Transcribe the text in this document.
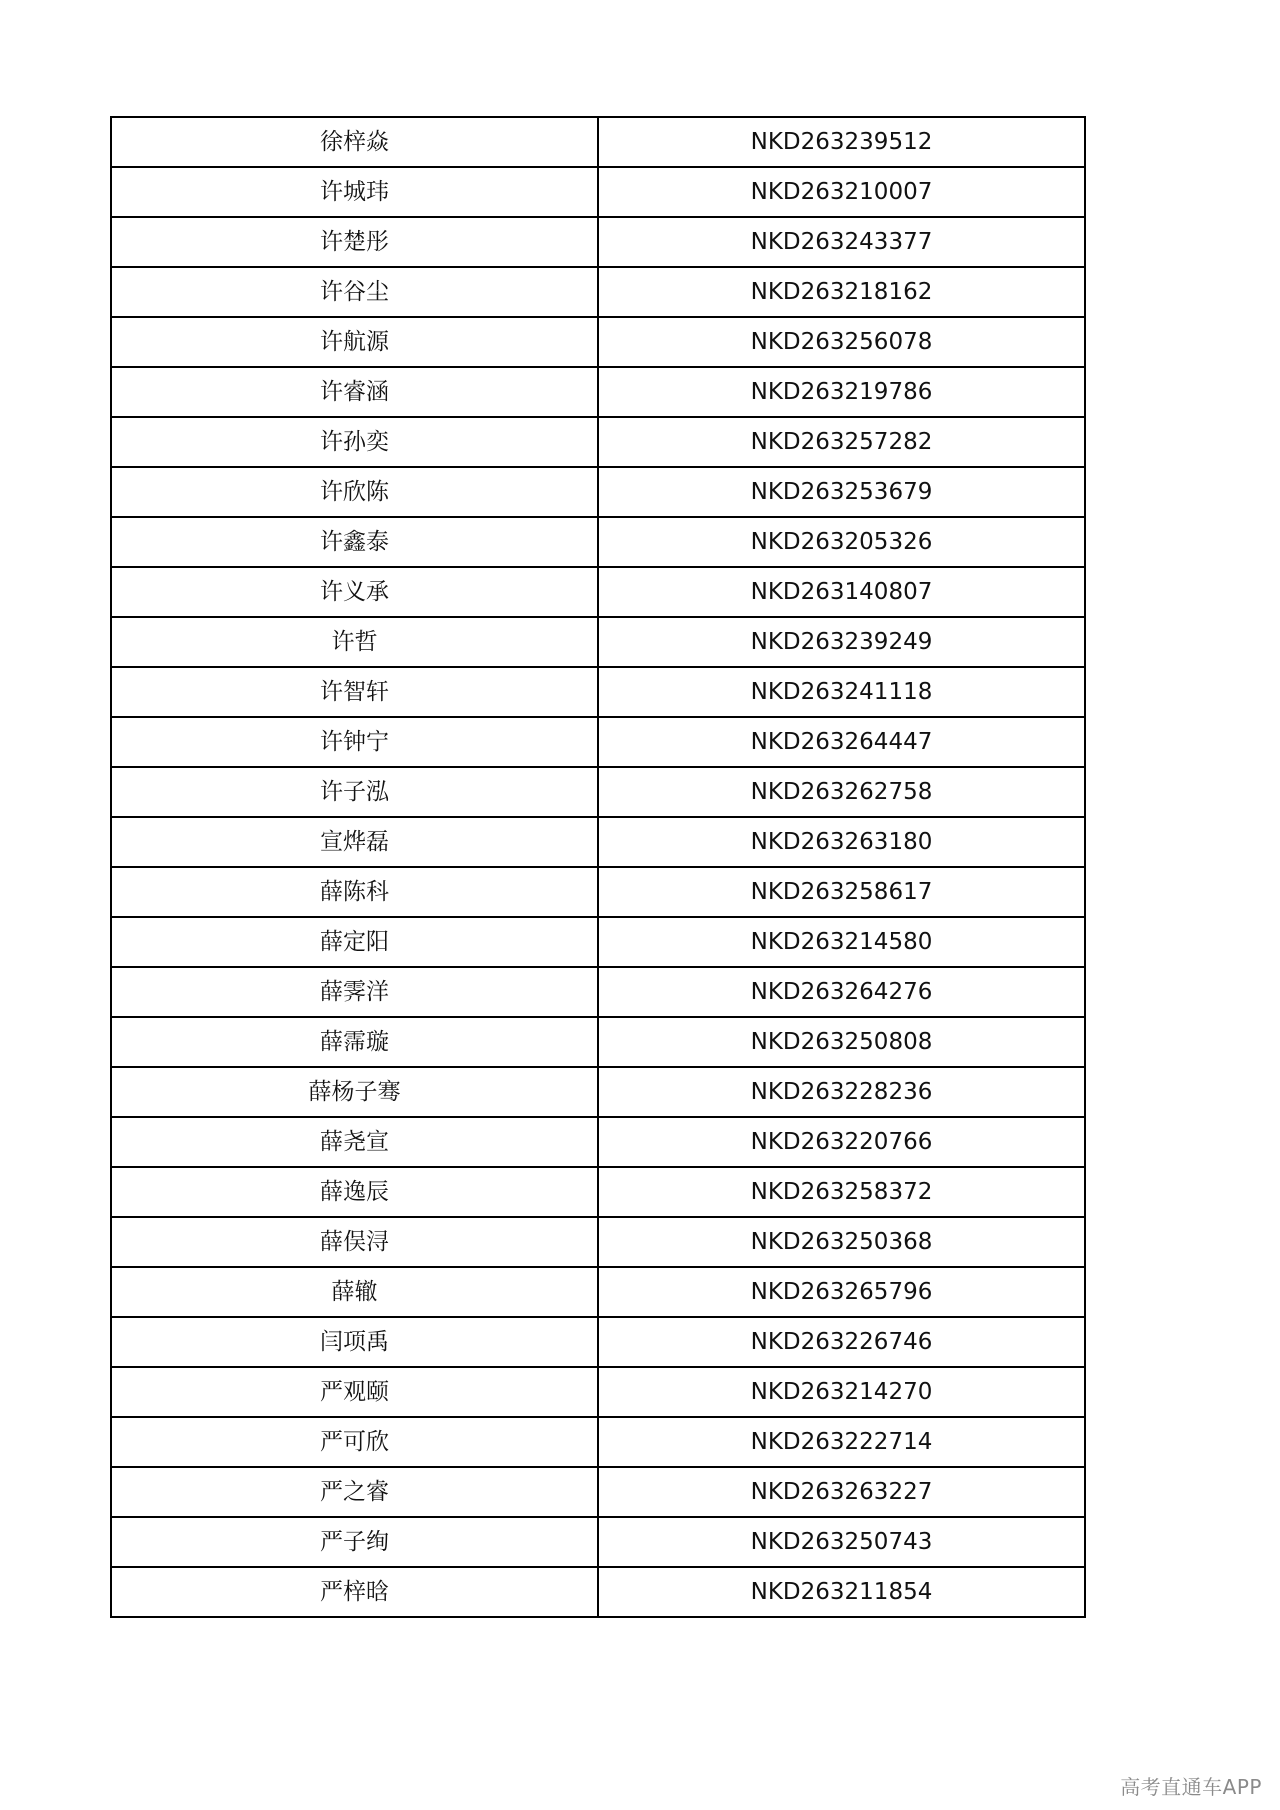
徐梓焱	NKD263239512
许城玮	NKD263210007
许楚彤	NKD263243377
许谷尘	NKD263218162
许航源	NKD263256078
许睿涵	NKD263219786
许孙奕	NKD263257282
许欣陈	NKD263253679
许鑫泰	NKD263205326
许义承	NKD263140807
许哲	NKD263239249
许智轩	NKD263241118
许钟宁	NKD263264447
许子泓	NKD263262758
宣烨磊	NKD263263180
薛陈科	NKD263258617
薛定阳	NKD263214580
薛霁洋	NKD263264276
薛霈璇	NKD263250808
薛杨子骞	NKD263228236
薛尧宣	NKD263220766
薛逸辰	NKD263258372
薛俣浔	NKD263250368
薛辙	NKD263265796
闫项禹	NKD263226746
严观颐	NKD263214270
严可欣	NKD263222714
严之睿	NKD263263227
严子绚	NKD263250743
严梓晗	NKD263211854
高考直通车APP
